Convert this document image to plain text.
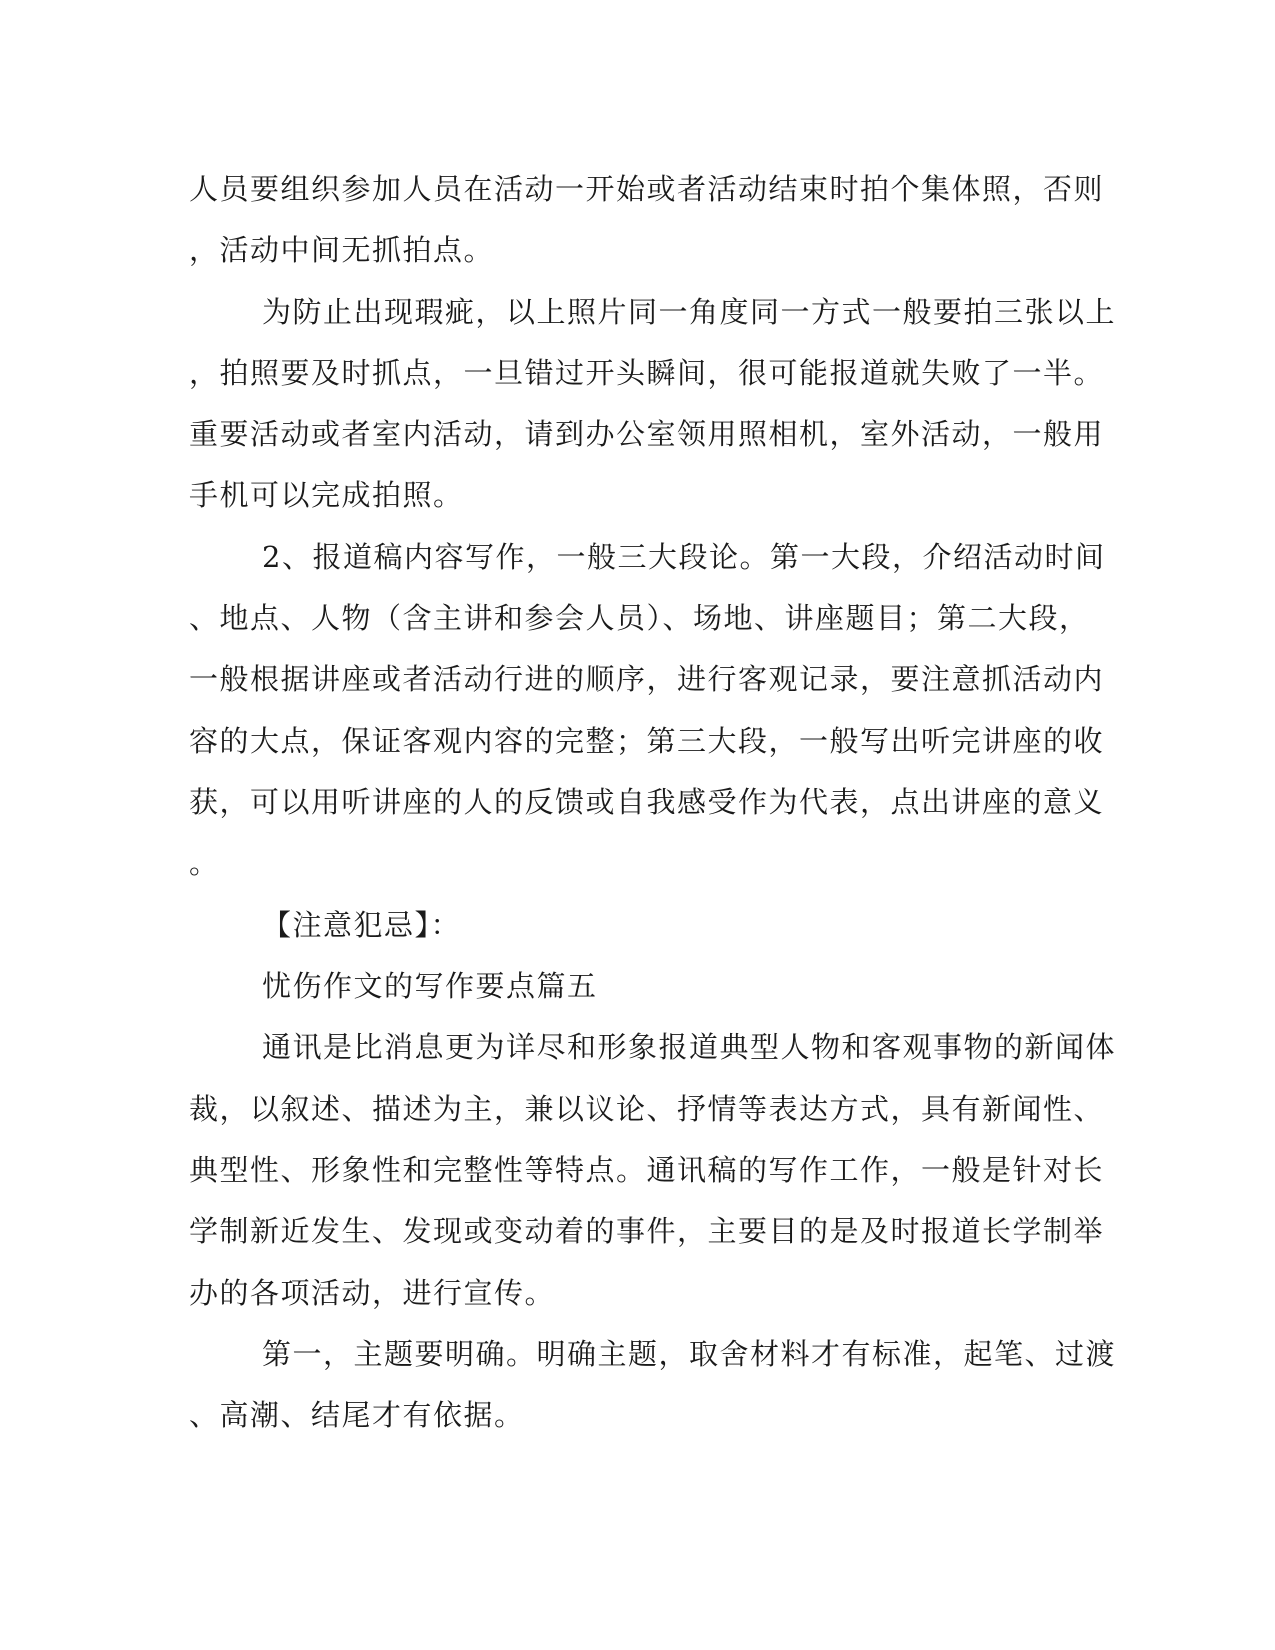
人员要组织参加人员在活动一开始或者活动结束时拍个集体照，否则
，活动中间无抓拍点。
为防止出现瑕疵，以上照片同一角度同一方式一般要拍三张以上
，拍照要及时抓点，一旦错过开头瞬间，很可能报道就失败了一半。
重要活动或者室内活动，请到办公室领用照相机，室外活动，一般用
手机可以完成拍照。
2、报道稿内容写作，一般三大段论。第一大段，介绍活动时间
、地点、人物（含主讲和参会人员）、场地、讲座题目；第二大段，
一般根据讲座或者活动行进的顺序，进行客观记录，要注意抓活动内
容的大点，保证客观内容的完整；第三大段，一般写出听完讲座的收
获，可以用听讲座的人的反馈或自我感受作为代表，点出讲座的意义
。
【注意犯忌】：
忧伤作文的写作要点篇五
通讯是比消息更为详尽和形象报道典型人物和客观事物的新闻体
裁，以叙述、描述为主，兼以议论、抒情等表达方式，具有新闻性、
典型性、形象性和完整性等特点。通讯稿的写作工作，一般是针对长
学制新近发生、发现或变动着的事件，主要目的是及时报道长学制举
办的各项活动，进行宣传。
第一，主题要明确。明确主题，取舍材料才有标准，起笔、过渡
、高潮、结尾才有依据。
